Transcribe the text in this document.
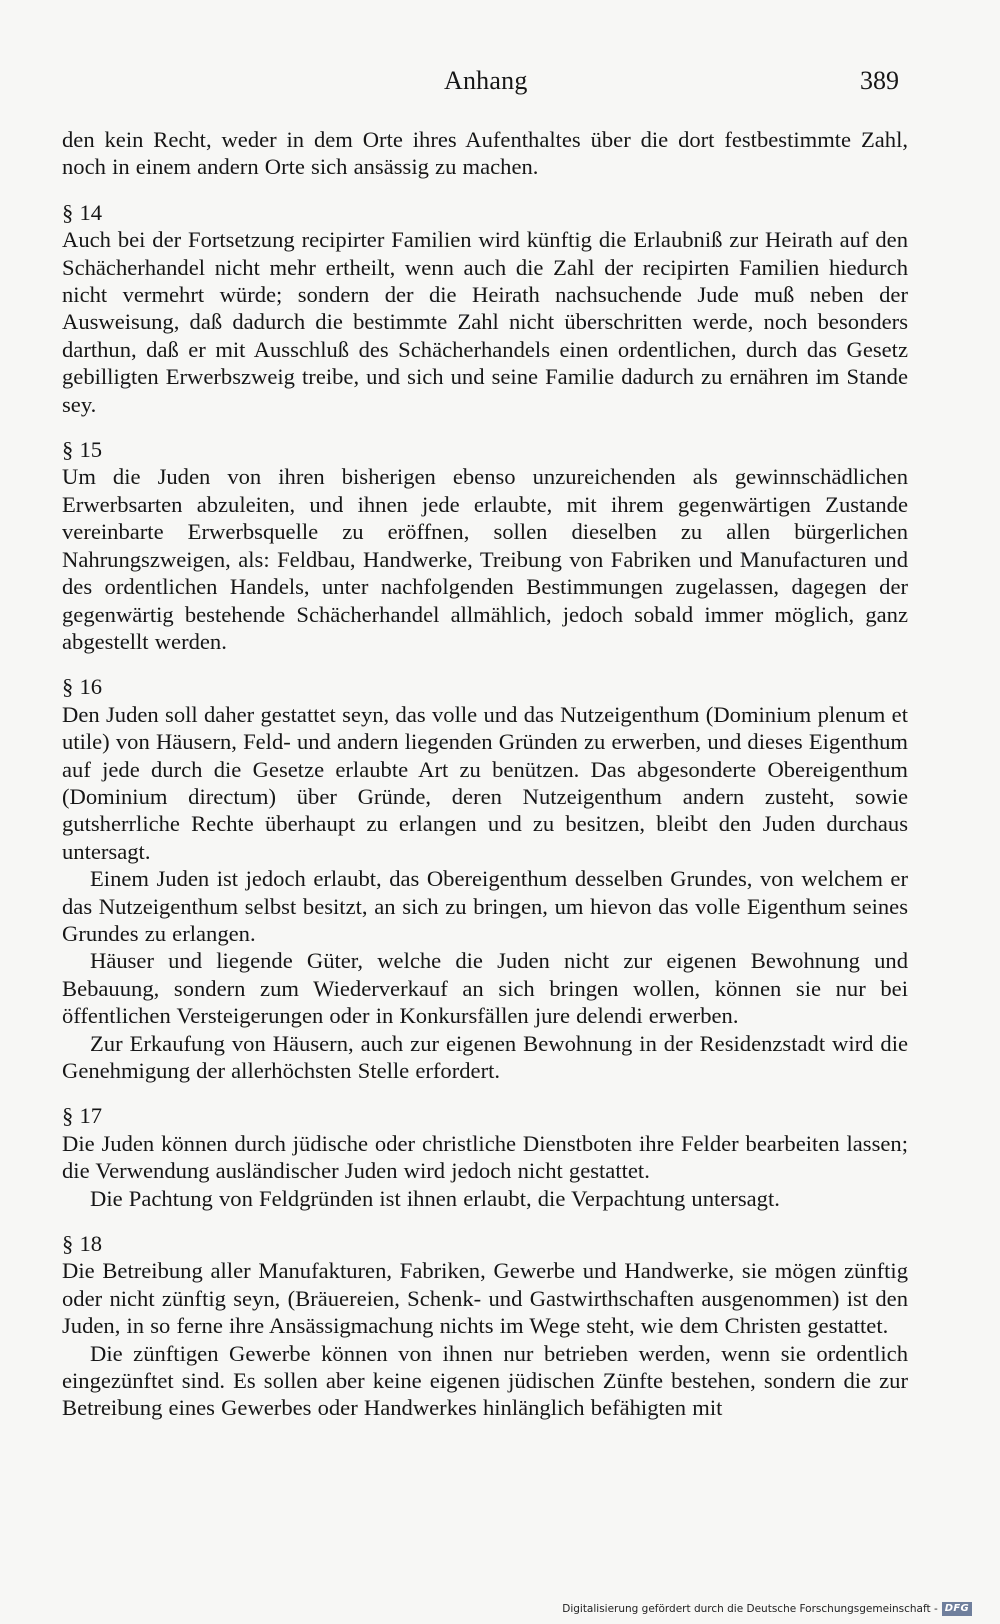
Anhang	389

den kein Recht, weder in dem Orte ihres Aufenthaltes über die dort festbestimmte Zahl, noch in einem andern Orte sich ansässig zu machen.

§ 14

Auch bei der Fortsetzung recipirter Familien wird künftig die Erlaubniß zur Heirath auf den Schächerhandel nicht mehr ertheilt, wenn auch die Zahl der recipirten Familien hiedurch nicht vermehrt würde; sondern der die Heirath nachsuchende Jude muß neben der Ausweisung, daß dadurch die bestimmte Zahl nicht überschritten werde, noch besonders darthun, daß er mit Ausschluß des Schächerhandels einen ordentlichen, durch das Gesetz gebilligten Erwerbszweig treibe, und sich und seine Familie dadurch zu ernähren im Stande sey.

§ 15

Um die Juden von ihren bisherigen ebenso unzureichenden als gewinnschädlichen Erwerbsarten abzuleiten, und ihnen jede erlaubte, mit ihrem gegenwärtigen Zustande vereinbarte Erwerbsquelle zu eröffnen, sollen dieselben zu allen bürgerlichen Nahrungszweigen, als: Feldbau, Handwerke, Treibung von Fabriken und Manufacturen und des ordentlichen Handels, unter nachfolgenden Bestimmungen zugelassen, dagegen der gegenwärtig bestehende Schächerhandel allmählich, jedoch sobald immer möglich, ganz abgestellt werden.

§ 16

Den Juden soll daher gestattet seyn, das volle und das Nutzeigenthum (Dominium plenum et utile) von Häusern, Feld- und andern liegenden Gründen zu erwerben, und dieses Eigenthum auf jede durch die Gesetze erlaubte Art zu benützen. Das abgesonderte Obereigenthum (Dominium directum) über Gründe, deren Nutzeigenthum andern zusteht, sowie gutsherrliche Rechte überhaupt zu erlangen und zu besitzen, bleibt den Juden durchaus untersagt.

Einem Juden ist jedoch erlaubt, das Obereigenthum desselben Grundes, von welchem er das Nutzeigenthum selbst besitzt, an sich zu bringen, um hievon das volle Eigenthum seines Grundes zu erlangen.

Häuser und liegende Güter, welche die Juden nicht zur eigenen Bewohnung und Bebauung, sondern zum Wiederverkauf an sich bringen wollen, können sie nur bei öffentlichen Versteigerungen oder in Konkursfällen jure delendi erwerben.

Zur Erkaufung von Häusern, auch zur eigenen Bewohnung in der Residenzstadt wird die Genehmigung der allerhöchsten Stelle erfordert.

§ 17

Die Juden können durch jüdische oder christliche Dienstboten ihre Felder bearbeiten lassen; die Verwendung ausländischer Juden wird jedoch nicht gestattet.

Die Pachtung von Feldgründen ist ihnen erlaubt, die Verpachtung untersagt.

§ 18

Die Betreibung aller Manufakturen, Fabriken, Gewerbe und Handwerke, sie mögen zünftig oder nicht zünftig seyn, (Bräuereien, Schenk- und Gastwirthschaften ausgenommen) ist den Juden, in so ferne ihre Ansässigmachung nichts im Wege steht, wie dem Christen gestattet.

Die zünftigen Gewerbe können von ihnen nur betrieben werden, wenn sie ordentlich eingezünftet sind. Es sollen aber keine eigenen jüdischen Zünfte bestehen, sondern die zur Betreibung eines Gewerbes oder Handwerkes hinlänglich befähigten mit

Digitalisierung gefördert durch die Deutsche Forschungsgemeinschaft - DFG
